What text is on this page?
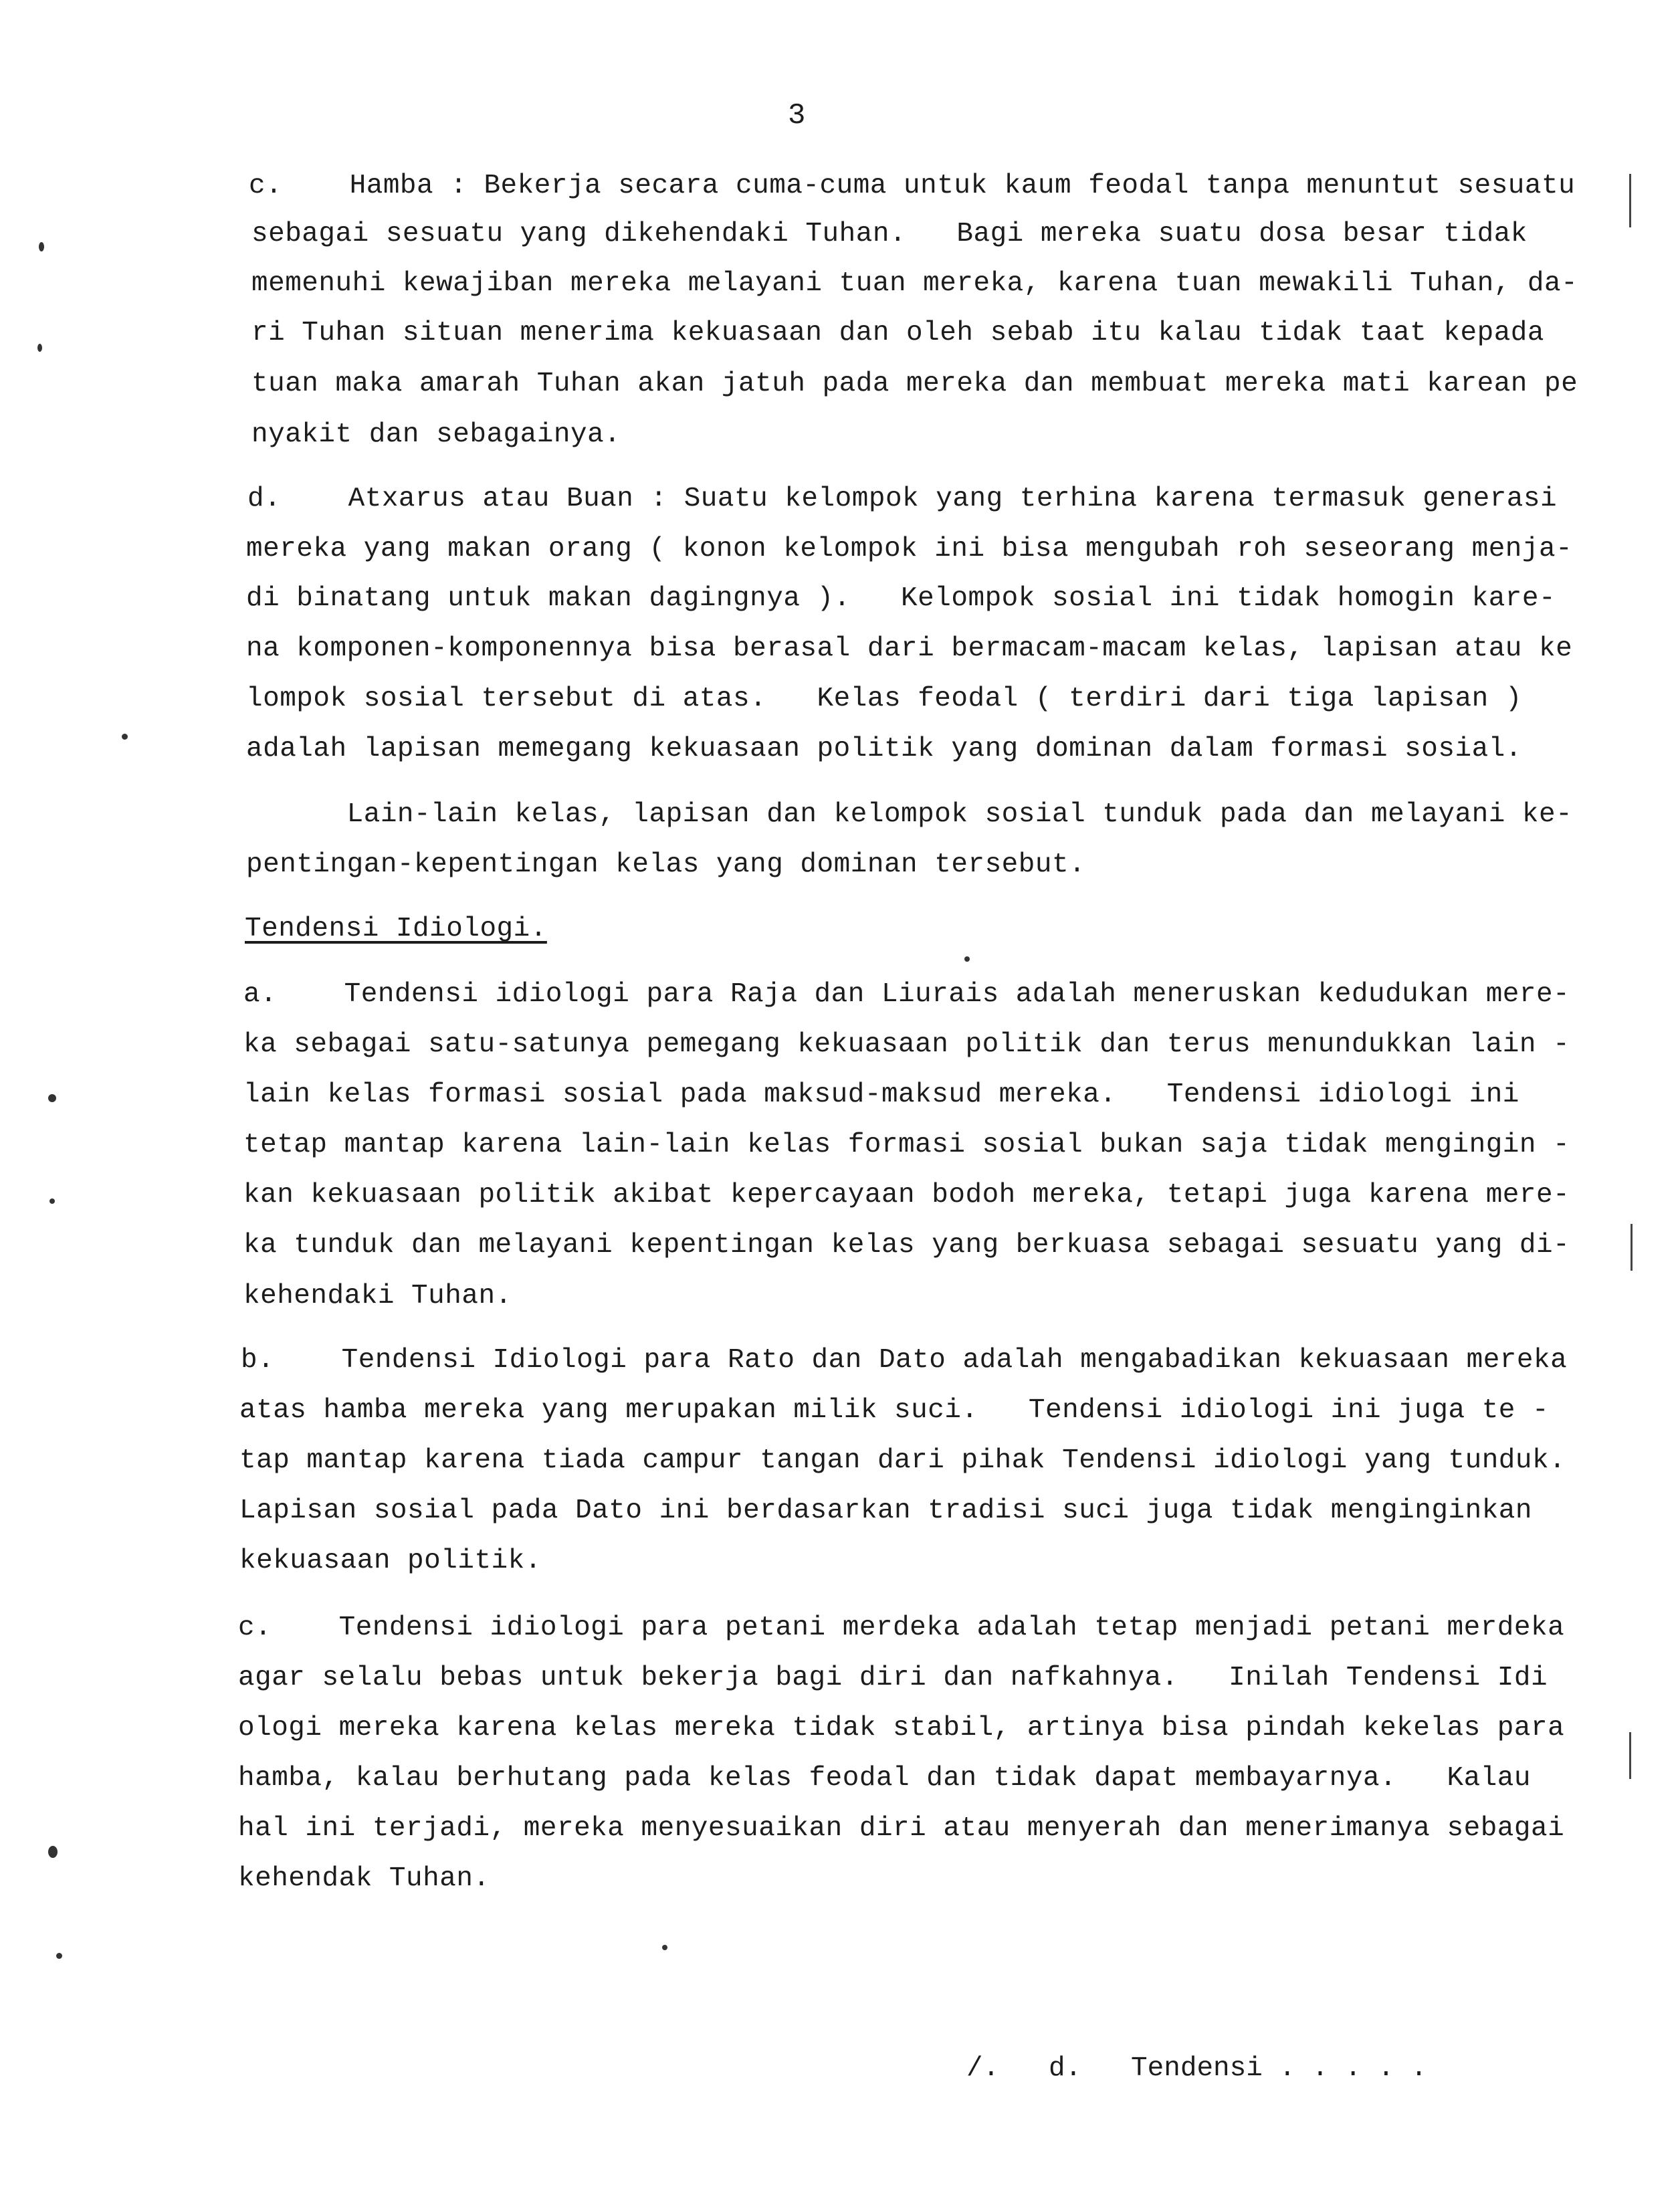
3
c.    Hamba : Bekerja secara cuma-cuma untuk kaum feodal tanpa menuntut sesuatu
sebagai sesuatu yang dikehendaki Tuhan.   Bagi mereka suatu dosa besar tidak
memenuhi kewajiban mereka melayani tuan mereka, karena tuan mewakili Tuhan, da-
ri Tuhan situan menerima kekuasaan dan oleh sebab itu kalau tidak taat kepada
tuan maka amarah Tuhan akan jatuh pada mereka dan membuat mereka mati karean pe
nyakit dan sebagainya.
d.    Atxarus atau Buan : Suatu kelompok yang terhina karena termasuk generasi
mereka yang makan orang ( konon kelompok ini bisa mengubah roh seseorang menja-
di binatang untuk makan dagingnya ).   Kelompok sosial ini tidak homogin kare-
na komponen-komponennya bisa berasal dari bermacam-macam kelas, lapisan atau ke
lompok sosial tersebut di atas.   Kelas feodal ( terdiri dari tiga lapisan )
adalah lapisan memegang kekuasaan politik yang dominan dalam formasi sosial.
Lain-lain kelas, lapisan dan kelompok sosial tunduk pada dan melayani ke-
pentingan-kepentingan kelas yang dominan tersebut.
Tendensi Idiologi.
a.    Tendensi idiologi para Raja dan Liurais adalah meneruskan kedudukan mere-
ka sebagai satu-satunya pemegang kekuasaan politik dan terus menundukkan lain -
lain kelas formasi sosial pada maksud-maksud mereka.   Tendensi idiologi ini
tetap mantap karena lain-lain kelas formasi sosial bukan saja tidak mengingin -
kan kekuasaan politik akibat kepercayaan bodoh mereka, tetapi juga karena mere-
ka tunduk dan melayani kepentingan kelas yang berkuasa sebagai sesuatu yang di-
kehendaki Tuhan.
b.    Tendensi Idiologi para Rato dan Dato adalah mengabadikan kekuasaan mereka
atas hamba mereka yang merupakan milik suci.   Tendensi idiologi ini juga te -
tap mantap karena tiada campur tangan dari pihak Tendensi idiologi yang tunduk.
Lapisan sosial pada Dato ini berdasarkan tradisi suci juga tidak menginginkan
kekuasaan politik.
c.    Tendensi idiologi para petani merdeka adalah tetap menjadi petani merdeka
agar selalu bebas untuk bekerja bagi diri dan nafkahnya.   Inilah Tendensi Idi
ologi mereka karena kelas mereka tidak stabil, artinya bisa pindah kekelas para
hamba, kalau berhutang pada kelas feodal dan tidak dapat membayarnya.   Kalau
hal ini terjadi, mereka menyesuaikan diri atau menyerah dan menerimanya sebagai
kehendak Tuhan.
/.   d.   Tendensi . . . . .
